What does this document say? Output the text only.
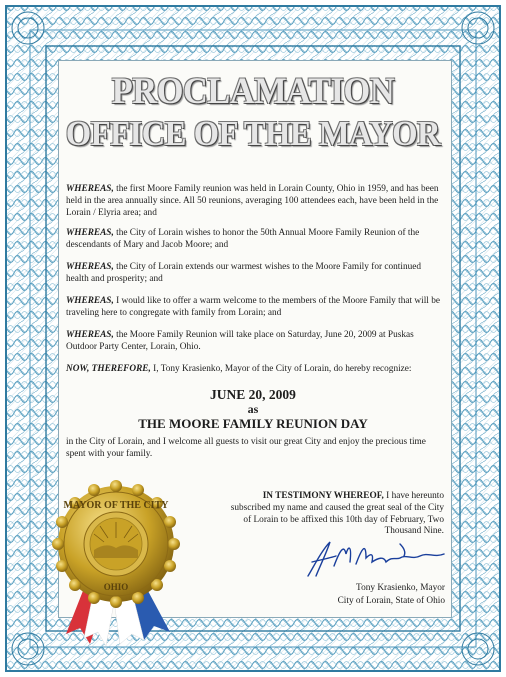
PROCLAMATION
OFFICE OF THE MAYOR

WHEREAS, the first Moore Family reunion was held in Lorain County, Ohio in 1959, and has been held in the area annually since. All 50 reunions, averaging 100 attendees each, have been held in the Lorain / Elyria area; and

WHEREAS, the City of Lorain wishes to honor the 50th Annual Moore Family Reunion of the descendants of Mary and Jacob Moore; and

WHEREAS, the City of Lorain extends our warmest wishes to the Moore Family for continued health and prosperity; and

WHEREAS, I would like to offer a warm welcome to the members of the Moore Family that will be traveling here to congregate with family from Lorain; and

WHEREAS, the Moore Family Reunion will take place on Saturday, June 20, 2009 at Puskas Outdoor Party Center, Lorain, Ohio.

NOW, THEREFORE, I, Tony Krasienko, Mayor of the City of Lorain, do hereby recognize:

JUNE 20, 2009
as
THE MOORE FAMILY REUNION DAY

in the City of Lorain, and I welcome all guests to visit our great City and enjoy the precious time spent with your family.

IN TESTIMONY WHEREOF, I have hereunto subscribed my name and caused the great seal of the City of Lorain to be affixed this 10th day of February, Two Thousand Nine.
Tony Krasienko, Mayor
City of Lorain, State of Ohio
MAYOR OF THE CITY
OHIO
